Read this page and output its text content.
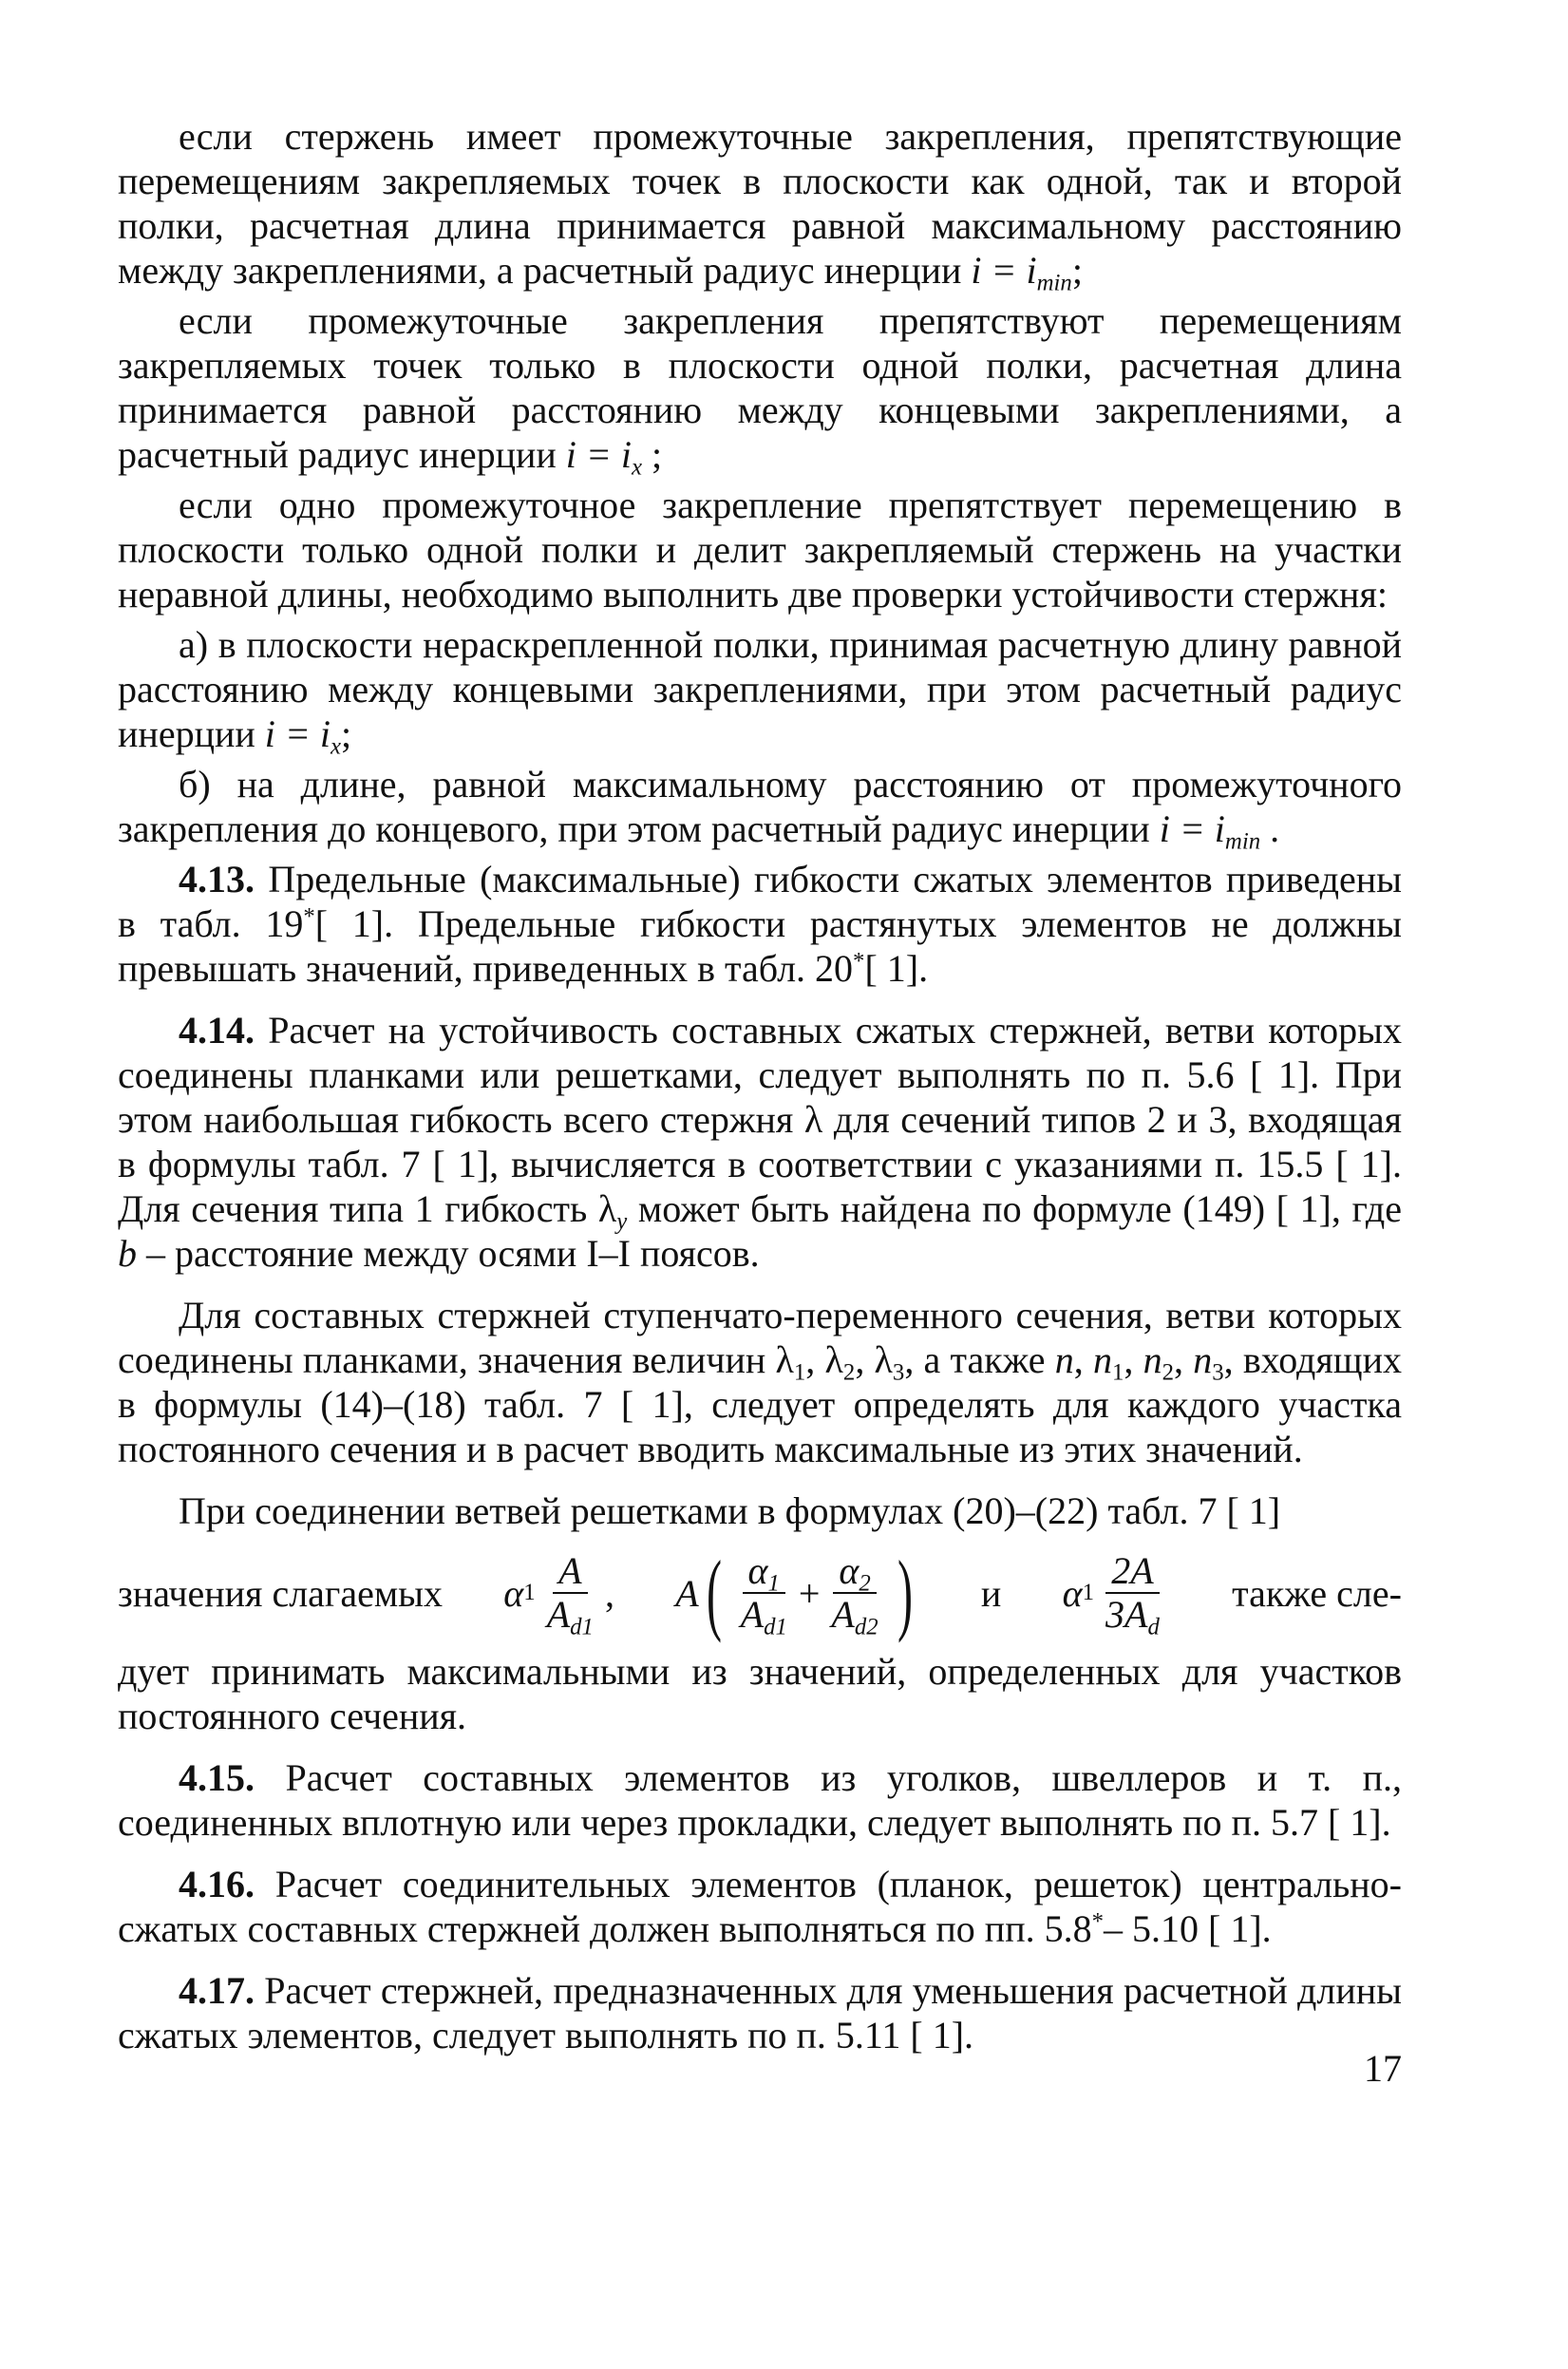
если стержень имеет промежуточные закрепления, препятствующие перемещениям закрепляемых точек в плоскости как одной, так и второй полки, расчетная длина принимается равной максимальному расстоянию между закреплениями, а расчетный радиус инерции $i = i_{min}$;

если промежуточные закрепления препятствуют перемещениям закрепляемых точек только в плоскости одной полки, расчетная длина принимается равной расстоянию между концевыми закреплениями, а расчетный радиус инерции $i = i_x$ ;

если одно промежуточное закрепление препятствует перемещению в плоскости только одной полки и делит закрепляемый стержень на участки неравной длины, необходимо выполнить две проверки устойчивости стержня:

а) в плоскости нераскрепленной полки, принимая расчетную длину равной расстоянию между концевыми закреплениями, при этом расчетный радиус инерции $i = i_x$;

б) на длине, равной максимальному расстоянию от промежуточного закрепления до концевого, при этом расчетный радиус инерции $i = i_{min}$ .

4.13. Предельные (максимальные) гибкости сжатых элементов приведены в табл. 19*[ 1]. Предельные гибкости растянутых элементов не должны превышать значений, приведенных в табл. 20*[ 1].

4.14. Расчет на устойчивость составных сжатых стержней, ветви которых соединены планками или решетками, следует выполнять по п. 5.6 [ 1]. При этом наибольшая гибкость всего стержня λ для сечений типов 2 и 3, входящая в формулы табл. 7 [ 1], вычисляется в соответствии с указаниями п. 15.5 [ 1]. Для сечения типа 1 гибкость $\lambda_y$ может быть найдена по формуле (149) [ 1], где b – расстояние между осями I–I поясов.

Для составных стержней ступенчато-переменного сечения, ветви которых соединены планками, значения величин $\lambda_1$, $\lambda_2$, $\lambda_3$, а также n, $n_1$, $n_2$, $n_3$, входящих в формулы (14)–(18) табл. 7 [ 1], следует определять для каждого участка постоянного сечения и в расчет вводить максимальные из этих значений.

При соединении ветвей решетками в формулах (20)–(22) табл. 7 [ 1]

значения слагаемых α $1 \frac{A}{A_{d1}}$ , A ( $\frac{\alpha_1}{A_{d1}} + \frac{\alpha_2}{A_{d2}}$ ) и α $1 \frac{2A}{3A_d}$ также сле-

дует принимать максимальными из значений, определенных для участков постоянного сечения.

4.15. Расчет составных элементов из уголков, швеллеров и т. п., соединенных вплотную или через прокладки, следует выполнять по п. 5.7 [ 1].

4.16. Расчет соединительных элементов (планок, решеток) центрально-сжатых составных стержней должен выполняться по пп. 5.8*– 5.10 [ 1].

4.17. Расчет стержней, предназначенных для уменьшения расчетной длины сжатых элементов, следует выполнять по п. 5.11 [ 1].

17
